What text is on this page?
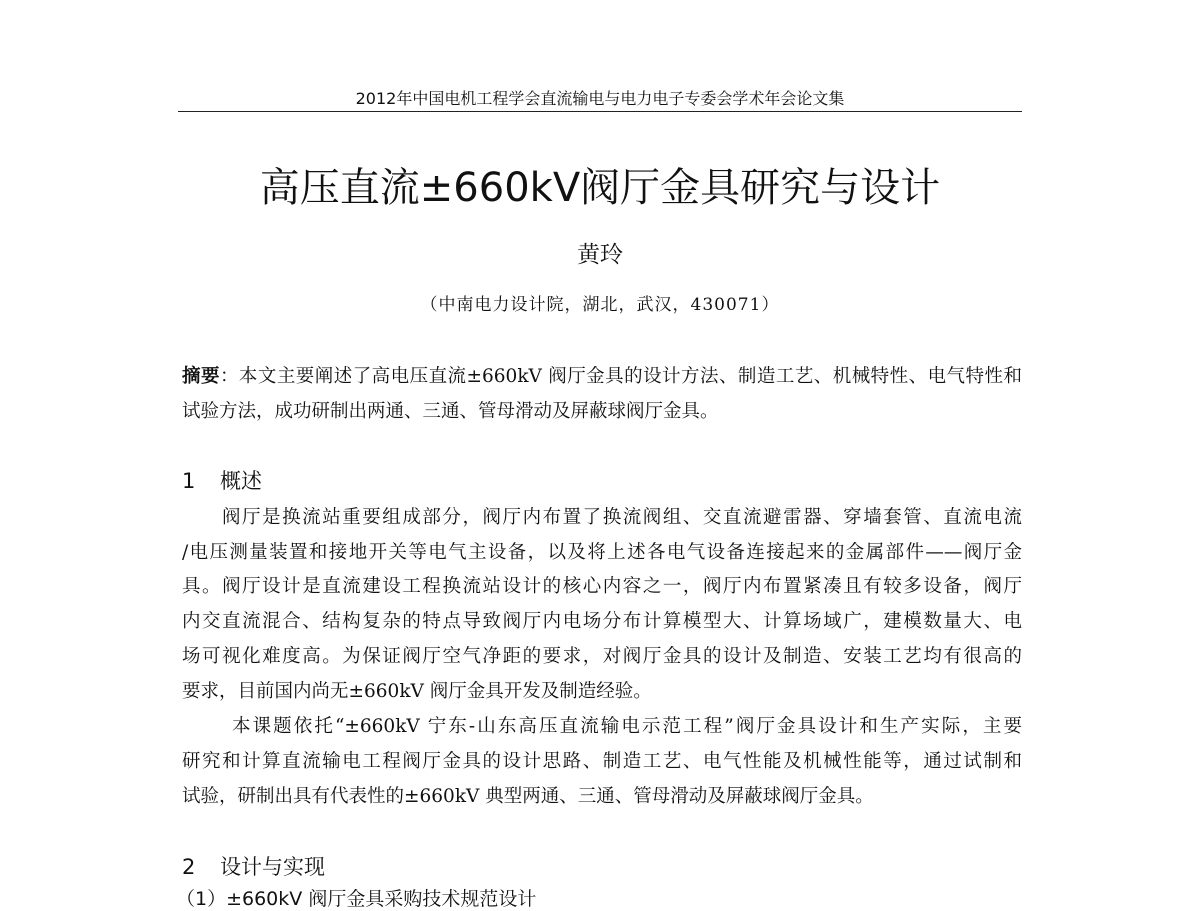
2012年中国电机工程学会直流输电与电力电子专委会学术年会论文集
高压直流±660kV阀厅金具研究与设计
黄玲
（中南电力设计院，湖北，武汉，430071）
摘要：本文主要阐述了高电压直流±660kV 阀厅金具的设计方法、制造工艺、机械特性、电气特性和
试验方法，成功研制出两通、三通、管母滑动及屏蔽球阀厅金具。
1 概述
阀厅是换流站重要组成部分，阀厅内布置了换流阀组、交直流避雷器、穿墙套管、直流电流
/电压测量装置和接地开关等电气主设备，以及将上述各电气设备连接起来的金属部件——阀厅金
具。阀厅设计是直流建设工程换流站设计的核心内容之一，阀厅内布置紧凑且有较多设备，阀厅
内交直流混合、结构复杂的特点导致阀厅内电场分布计算模型大、计算场域广，建模数量大、电
场可视化难度高。为保证阀厅空气净距的要求，对阀厅金具的设计及制造、安装工艺均有很高的
要求，目前国内尚无±660kV 阀厅金具开发及制造经验。
本课题依托“±660kV 宁东-山东高压直流输电示范工程”阀厅金具设计和生产实际，主要
研究和计算直流输电工程阀厅金具的设计思路、制造工艺、电气性能及机械性能等，通过试制和
试验，研制出具有代表性的±660kV 典型两通、三通、管母滑动及屏蔽球阀厅金具。
2 设计与实现
（1）±660kV 阀厅金具采购技术规范设计
